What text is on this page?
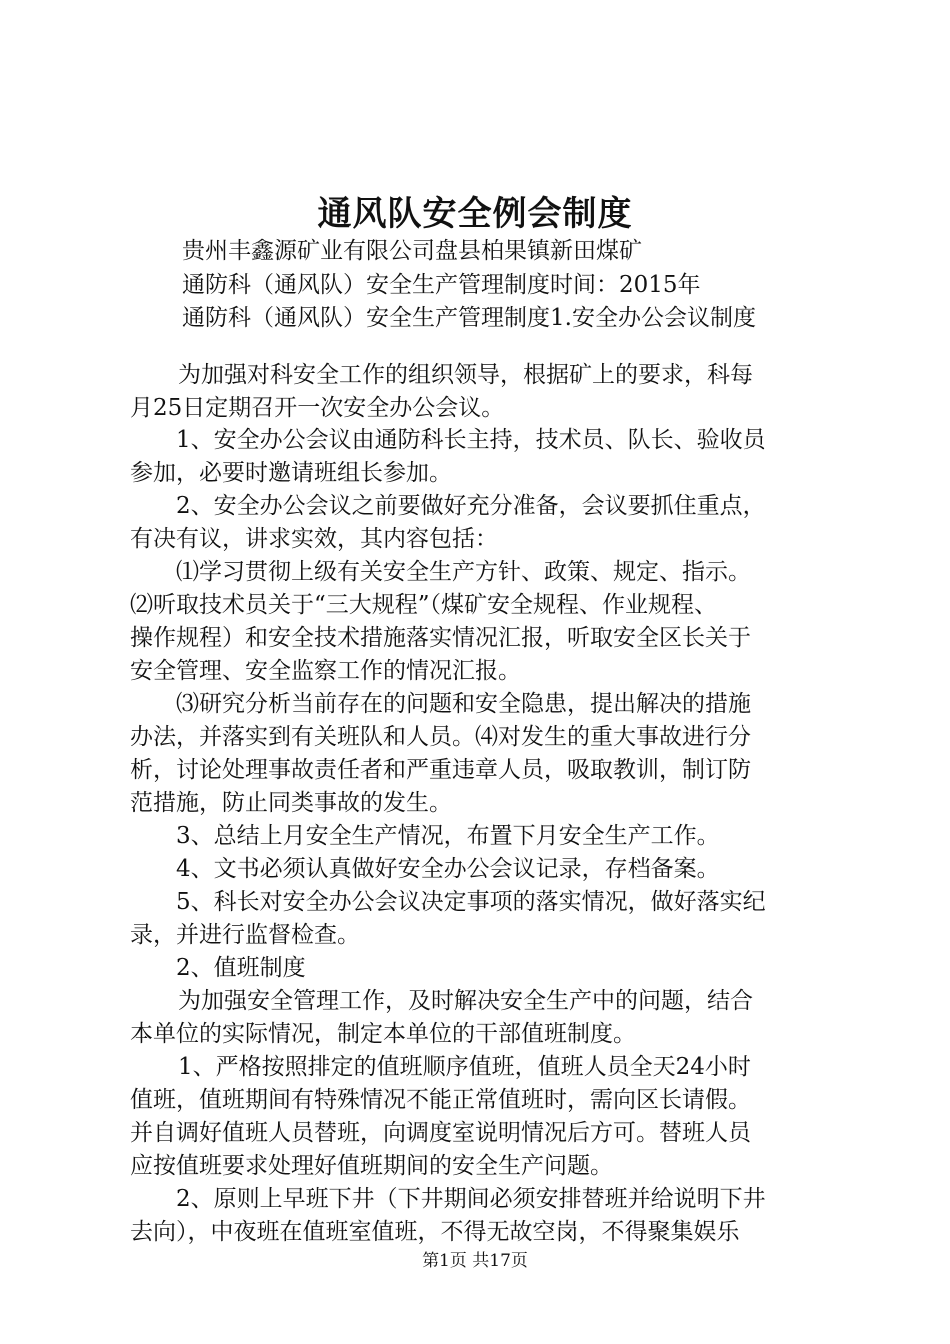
通风队安全例会制度
贵州丰鑫源矿业有限公司盘县柏果镇新田煤矿
通防科（通风队）安全生产管理制度时间：2015年
通防科（通风队）安全生产管理制度1.安全办公会议制度
为加强对科安全工作的组织领导，根据矿上的要求，科每
月25日定期召开一次安全办公会议。
1、安全办公会议由通防科长主持，技术员、队长、验收员
参加，必要时邀请班组长参加。
2、安全办公会议之前要做好充分准备，会议要抓住重点，
有决有议，讲求实效，其内容包括：
⑴学习贯彻上级有关安全生产方针、政策、规定、指示。
⑵听取技术员关于“三大规程”（煤矿安全规程、作业规程、
操作规程）和安全技术措施落实情况汇报，听取安全区长关于
安全管理、安全监察工作的情况汇报。
⑶研究分析当前存在的问题和安全隐患，提出解决的措施
办法，并落实到有关班队和人员。⑷对发生的重大事故进行分
析，讨论处理事故责任者和严重违章人员，吸取教训，制订防
范措施，防止同类事故的发生。
3、总结上月安全生产情况，布置下月安全生产工作。
4、文书必须认真做好安全办公会议记录，存档备案。
5、科长对安全办公会议决定事项的落实情况，做好落实纪
录，并进行监督检查。
2、值班制度
为加强安全管理工作，及时解决安全生产中的问题，结合
本单位的实际情况，制定本单位的干部值班制度。
1、严格按照排定的值班顺序值班，值班人员全天24小时
值班，值班期间有特殊情况不能正常值班时，需向区长请假。
并自调好值班人员替班，向调度室说明情况后方可。替班人员
应按值班要求处理好值班期间的安全生产问题。
2、原则上早班下井（下井期间必须安排替班并给说明下井
去向），中夜班在值班室值班，不得无故空岗，不得聚集娱乐
第1页 共17页
